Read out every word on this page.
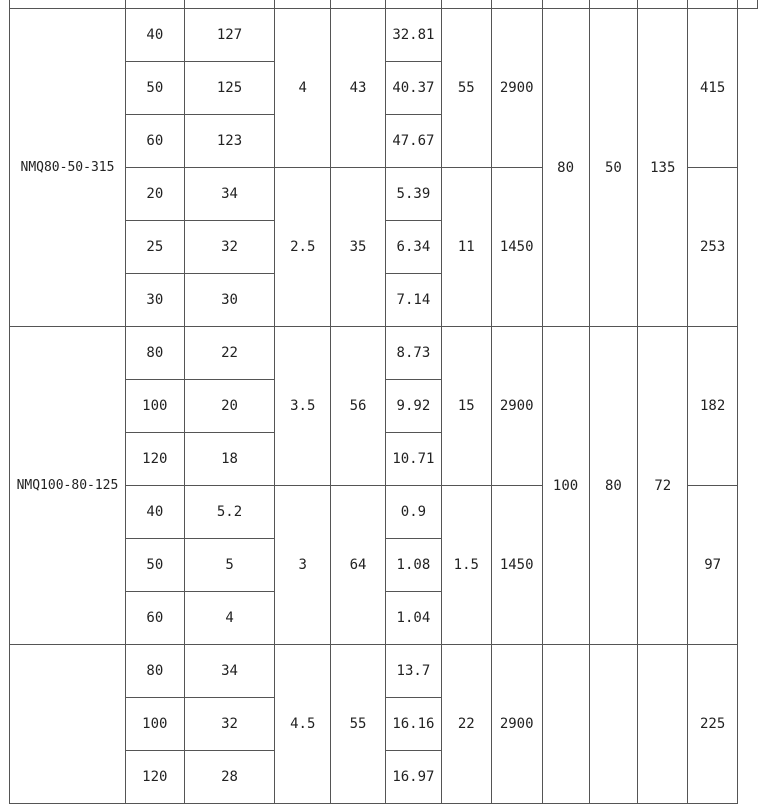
NMQ80-50-315	40	127	4	43	32.81	55	2900	80	50	135	415	
	50	125			40.37							
	60	123			47.67							
	20	34	2.5	35	5.39	11	1450				253	
	25	32			6.34							
	30	30			7.14							
NMQ100-80-125	80	22	3.5	56	8.73	15	2900	100	80	72	182	
	100	20			9.92							
	120	18			10.71							
	40	5.2	3	64	0.9	1.5	1450				97	
	50	5			1.08							
	60	4			1.04							
	80	34	4.5	55	13.7	22	2900				225	
	100	32			16.16							
	120	28			16.97							
